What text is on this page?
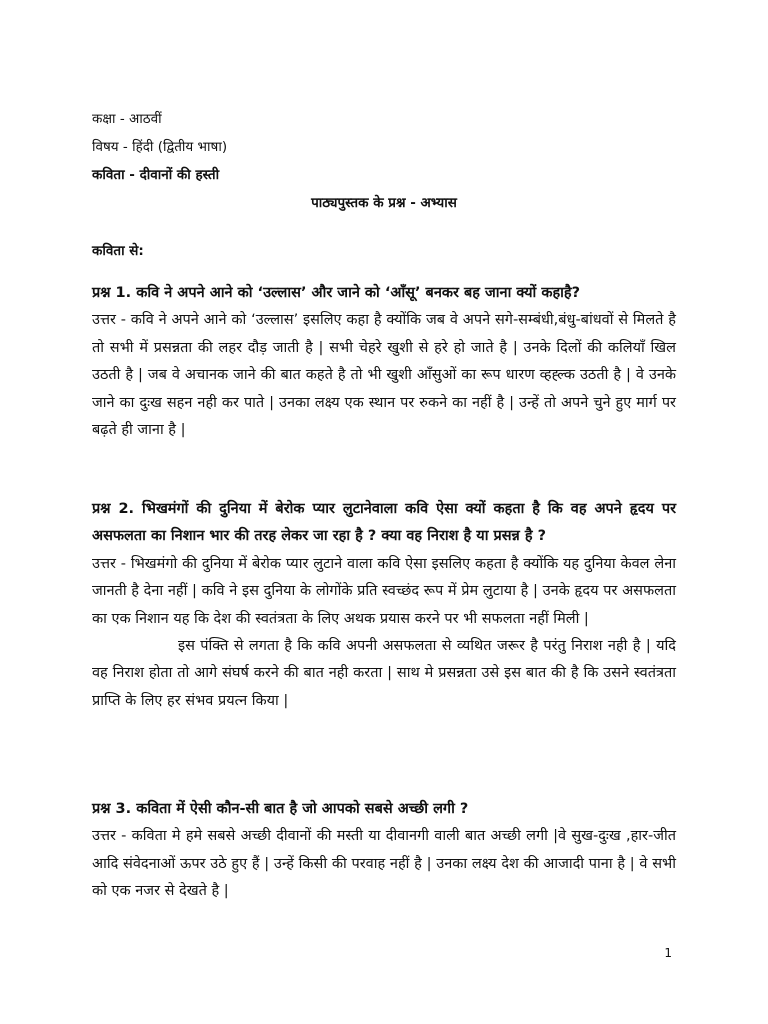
कक्षा - आठवीं
विषय - हिंदी (द्वितीय भाषा)
कविता - दीवानों की हस्ती
पाठ्यपुस्तक के प्रश्न - अभ्यास
कविता से:
प्रश्न 1. कवि ने अपने आने को ‘उल्लास’ और जाने को ‘आँसू’ बनकर बह जाना क्यों कहाहै?
उत्तर - कवि ने अपने आने को ‘उल्लास’ इसलिए कहा है क्योंकि जब वे अपने सगे-सम्बंधी,बंधु-बांधवों से मिलते है तो सभी में प्रसन्नता की लहर दौड़ जाती है | सभी चेहरे खुशी से हरे हो जाते है | उनके दिलों की कलियाँ खिल उठती है | जब वे अचानक जाने की बात कहते है तो भी खुशी आँसुओं का रूप धारण व्हह्ल्क उठती है | वे उनके जाने का दुःख सहन नही कर पाते | उनका लक्ष्य एक स्थान पर रुकने का नहीं है | उन्हें तो अपने चुने हुए मार्ग पर बढ़ते ही जाना है |
प्रश्न 2. भिखमंगों की दुनिया में बेरोक प्यार लुटानेवाला कवि ऐसा क्यों कहता है कि वह अपने हृदय पर असफलता का निशान भार की तरह लेकर जा रहा है ? क्या वह निराश है या प्रसन्न है ?
उत्तर - भिखमंगो की दुनिया में बेरोक प्यार लुटाने वाला कवि ऐसा इसलिए कहता है क्योंकि यह दुनिया केवल लेना जानती है देना नहीं | कवि ने इस दुनिया के लोगोंके प्रति स्वच्छंद रूप में प्रेम लुटाया है | उनके हृदय पर असफलता का एक निशान यह कि देश की स्वतंत्रता के लिए अथक प्रयास करने पर भी सफलता नहीं मिली |
इस पंक्ति से लगता है कि कवि अपनी असफलता से व्यथित जरूर है परंतु निराश नही है | यदि वह निराश होता तो आगे संघर्ष करने की बात नही करता | साथ मे प्रसन्नता उसे इस बात की है कि उसने स्वतंत्रता प्राप्ति के लिए हर संभव प्रयत्न किया |
प्रश्न 3. कविता में ऐसी कौन-सी बात है जो आपको सबसे अच्छी लगी ?
उत्तर - कविता मे हमे सबसे अच्छी दीवानों की मस्ती या दीवानगी वाली बात अच्छी लगी |वे सुख-दुःख ,हार-जीत आदि संवेदनाओं ऊपर उठे हुए हैं | उन्हें किसी की परवाह नहीं है | उनका लक्ष्य देश की आजादी पाना है | वे सभी को एक नजर से देखते है |
1
